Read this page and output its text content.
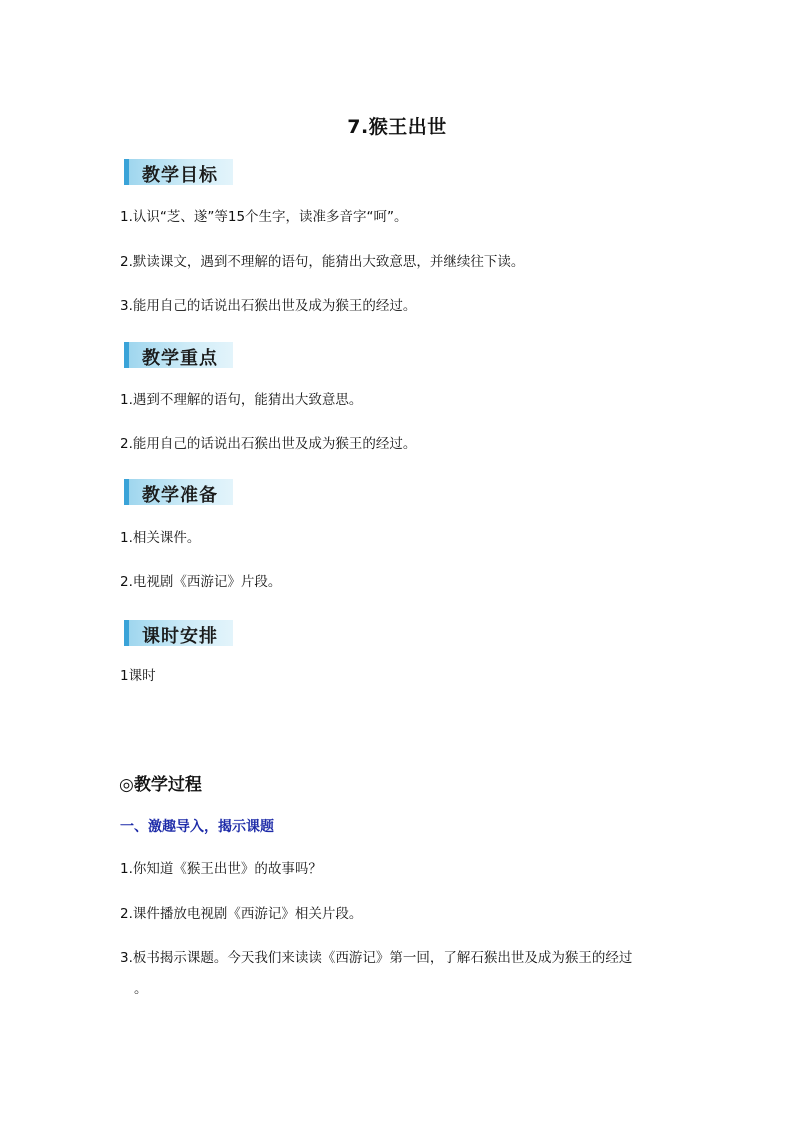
7.猴王出世
教学目标
1.认识“芝、遂”等15个生字，读准多音字“呵”。
2.默读课文，遇到不理解的语句，能猜出大致意思，并继续往下读。
3.能用自己的话说出石猴出世及成为猴王的经过。
教学重点
1.遇到不理解的语句，能猜出大致意思。
2.能用自己的话说出石猴出世及成为猴王的经过。
教学准备
1.相关课件。
2.电视剧《西游记》片段。
课时安排
1课时
◎教学过程
一、激趣导入，揭示课题
1.你知道《猴王出世》的故事吗？
2.课件播放电视剧《西游记》相关片段。
3.板书揭示课题。今天我们来读读《西游记》第一回，了解石猴出世及成为猴王的经过
。
